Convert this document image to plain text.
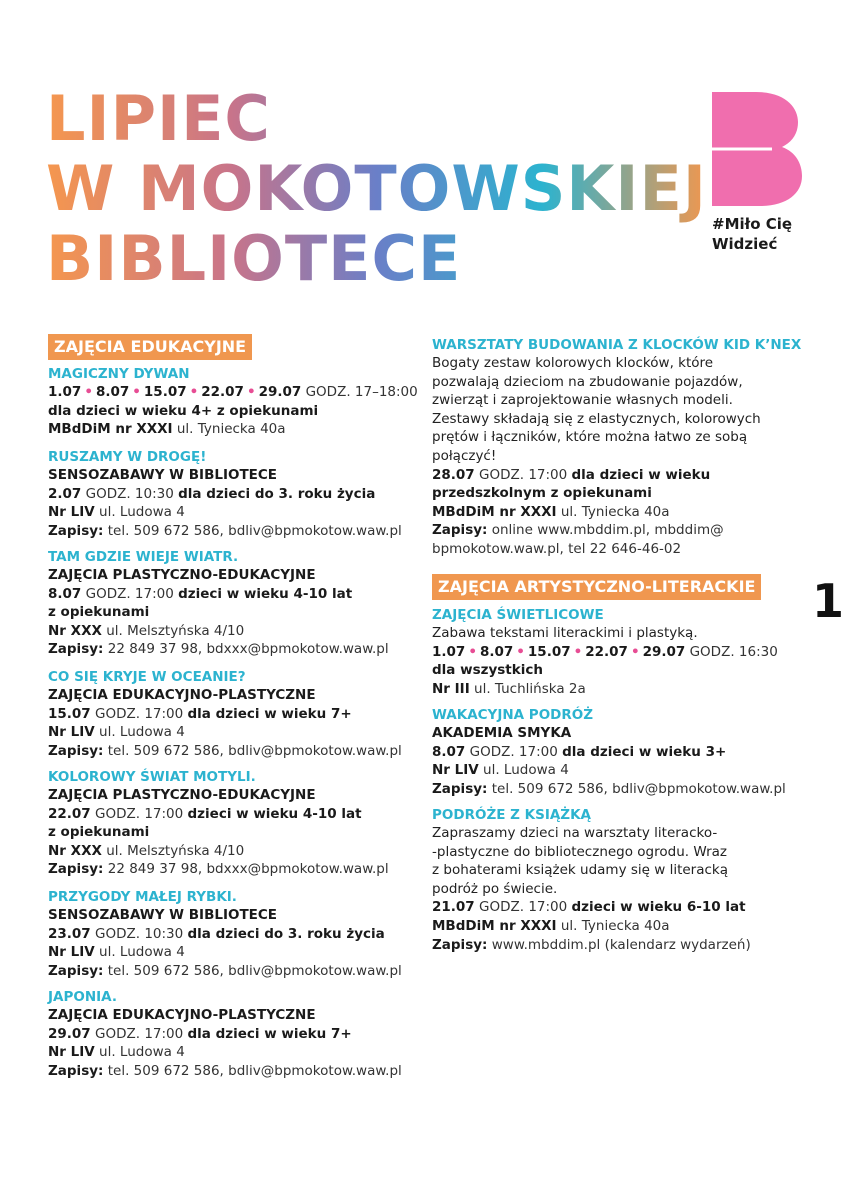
LIPIEC
W MOKOTOWSKIEJ
BIBLIOTECE	#Miło Cię
Widzieć
ZAJĘCIA EDUKACYJNE
MAGICZNY DYWAN
1.07 • 8.07 • 15.07 • 22.07 • 29.07 GODZ. 17–18:00
dla dzieci w wieku 4+ z opiekunami
MBdDiM nr XXXI ul. Tyniecka 40a
RUSZAMY W DROGĘ!
SENSOZABAWY W BIBLIOTECE
2.07 GODZ. 10:30 dla dzieci do 3. roku życia
Nr LIV ul. Ludowa 4
Zapisy: tel. 509 672 586, bdliv@bpmokotow.waw.pl
TAM GDZIE WIEJE WIATR.
ZAJĘCIA PLASTYCZNO-EDUKACYJNE
8.07 GODZ. 17:00 dzieci w wieku 4-10 lat
z opiekunami
Nr XXX ul. Melsztyńska 4/10
Zapisy: 22 849 37 98, bdxxx@bpmokotow.waw.pl
CO SIĘ KRYJE W OCEANIE?
ZAJĘCIA EDUKACYJNO-PLASTYCZNE
15.07 GODZ. 17:00 dla dzieci w wieku 7+
Nr LIV ul. Ludowa 4
Zapisy: tel. 509 672 586, bdliv@bpmokotow.waw.pl
KOLOROWY ŚWIAT MOTYLI.
ZAJĘCIA PLASTYCZNO-EDUKACYJNE
22.07 GODZ. 17:00 dzieci w wieku 4-10 lat
z opiekunami
Nr XXX ul. Melsztyńska 4/10
Zapisy: 22 849 37 98, bdxxx@bpmokotow.waw.pl
PRZYGODY MAŁEJ RYBKI.
SENSOZABAWY W BIBLIOTECE
23.07 GODZ. 10:30 dla dzieci do 3. roku życia
Nr LIV ul. Ludowa 4
Zapisy: tel. 509 672 586, bdliv@bpmokotow.waw.pl
JAPONIA.
ZAJĘCIA EDUKACYJNO-PLASTYCZNE
29.07 GODZ. 17:00 dla dzieci w wieku 7+
Nr LIV ul. Ludowa 4
Zapisy: tel. 509 672 586, bdliv@bpmokotow.waw.pl
WARSZTATY BUDOWANIA Z KLOCKÓW KID K’NEX
Bogaty zestaw kolorowych klocków, które
pozwalają dzieciom na zbudowanie pojazdów,
zwierząt i zaprojektowanie własnych modeli.
Zestawy składają się z elastycznych, kolorowych
prętów i łączników, które można łatwo ze sobą
połączyć!
28.07 GODZ. 17:00 dla dzieci w wieku
przedszkolnym z opiekunami
MBdDiM nr XXXI ul. Tyniecka 40a
Zapisy: online www.mbddim.pl, mbddim@
bpmokotow.waw.pl, tel 22 646-46-02
ZAJĘCIA ARTYSTYCZNO-LITERACKIE
ZAJĘCIA ŚWIETLICOWE
Zabawa tekstami literackimi i plastyką.
1.07 • 8.07 • 15.07 • 22.07 • 29.07 GODZ. 16:30
dla wszystkich
Nr III ul. Tuchlińska 2a
WAKACYJNA PODRÓŻ
AKADEMIA SMYKA
8.07 GODZ. 17:00 dla dzieci w wieku 3+
Nr LIV ul. Ludowa 4
Zapisy: tel. 509 672 586, bdliv@bpmokotow.waw.pl
PODRÓŻE Z KSIĄŻKĄ
Zapraszamy dzieci na warsztaty literacko-
-plastyczne do bibliotecznego ogrodu. Wraz
z bohaterami książek udamy się w literacką
podróż po świecie.
21.07 GODZ. 17:00 dzieci w wieku 6-10 lat
MBdDiM nr XXXI ul. Tyniecka 40a
Zapisy: www.mbddim.pl (kalendarz wydarzeń)
1
